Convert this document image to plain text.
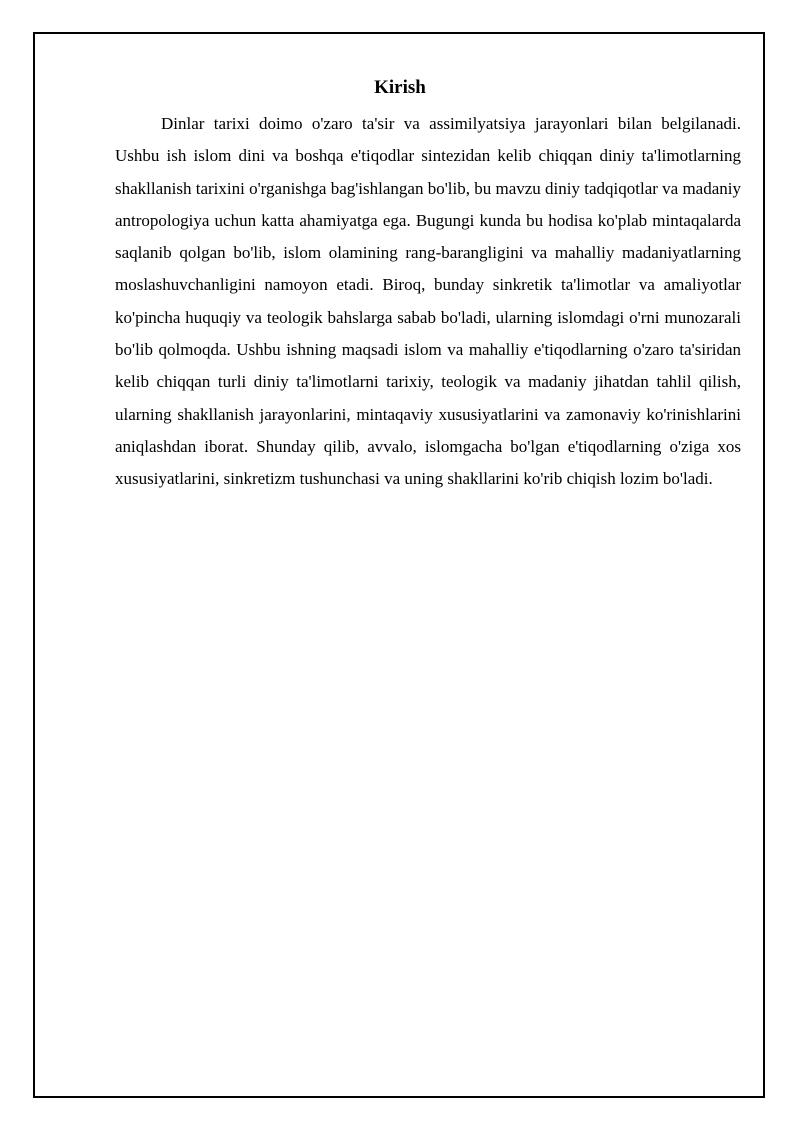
Kirish

Dinlar tarixi doimo o'zaro ta'sir va assimilyatsiya jarayonlari bilan belgilanadi. Ushbu ish islom dini va boshqa e'tiqodlar sintezidan kelib chiqqan diniy ta'limotlarning shakllanish tarixini o'rganishga bag'ishlangan bo'lib, bu mavzu diniy tadqiqotlar va madaniy antropologiya uchun katta ahamiyatga ega. Bugungi kunda bu hodisa ko'plab mintaqalarda saqlanib qolgan bo'lib, islom olamining rang-barangligini va mahalliy madaniyatlarning moslashuvchanligini namoyon etadi. Biroq, bunday sinkretik ta'limotlar va amaliyotlar ko'pincha huquqiy va teologik bahslarga sabab bo'ladi, ularning islomdagi o'rni munozarali bo'lib qolmoqda. Ushbu ishning maqsadi islom va mahalliy e'tiqodlarning o'zaro ta'siridan kelib chiqqan turli diniy ta'limotlarni tarixiy, teologik va madaniy jihatdan tahlil qilish, ularning shakllanish jarayonlarini, mintaqaviy xususiyatlarini va zamonaviy ko'rinishlarini aniqlashdan iborat. Shunday qilib, avvalo, islomgacha bo'lgan e'tiqodlarning o'ziga xos xususiyatlarini, sinkretizm tushunchasi va uning shakllarini ko'rib chiqish lozim bo'ladi.
